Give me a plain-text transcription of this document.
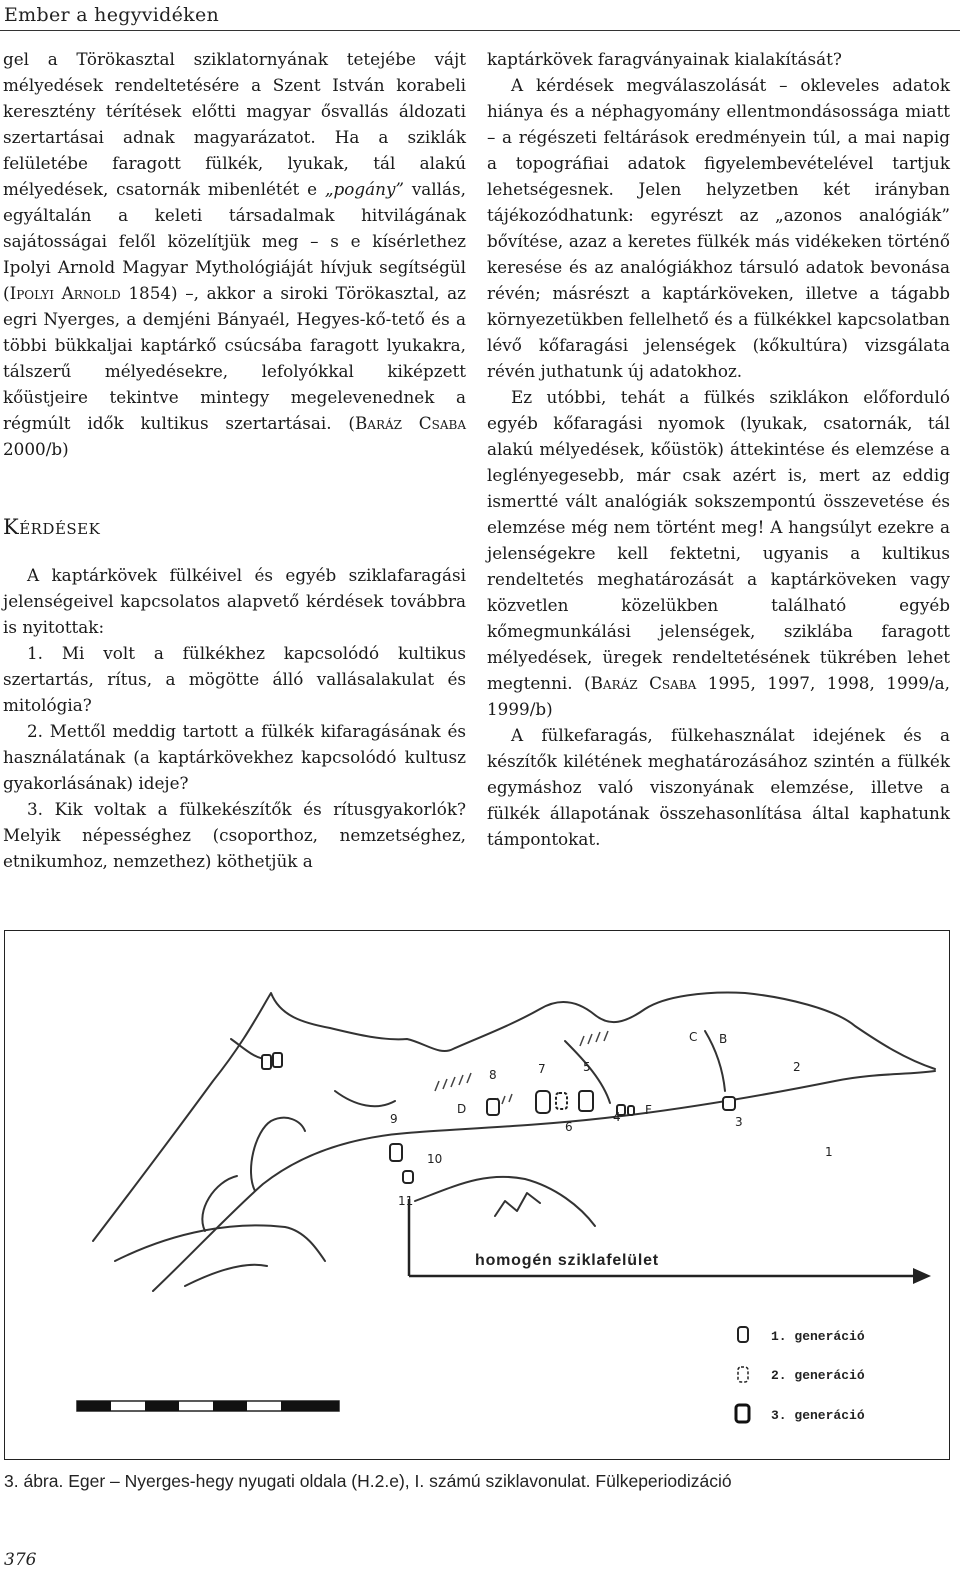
Ember a hegyvidéken

gel a Törökasztal sziklatornyának tetejébe vájt mélyedések rendeltetésére a Szent István korabeli keresztény térítések előtti magyar ősvallás áldozati szertartásai adnak magyarázatot. Ha a sziklák felületébe faragott fülkék, lyukak, tál alakú mélyedések, csatornák mibenlétét e „pogány” vallás, egyáltalán a keleti társadalmak hitvilágának sajátosságai felől közelítjük meg – s e kísérlethez Ipolyi Arnold Magyar Mythológiáját hívjuk segítségül (Ipolyi Arnold 1854) –, akkor a siroki Törökasztal, az egri Nyerges, a demjéni Bányaél, Hegyes-kő-tető és a többi bükkaljai kaptárkő csúcsába faragott lyukakra, tálszerű mélyedésekre, lefolyókkal kiképzett kőüstjeire tekintve mintegy megelevenednek a régmúlt idők kultikus szertartásai. (Baráz Csaba 2000/b)

Kérdések

A kaptárkövek fülkéivel és egyéb sziklafaragási jelenségeivel kapcsolatos alapvető kérdések továbbra is nyitottak:

1. Mi volt a fülkékhez kapcsolódó kultikus szertartás, rítus, a mögötte álló vallásalakulat és mitológia?

2. Mettől meddig tartott a fülkék kifaragásának és használatának (a kaptárkövekhez kapcsolódó kultusz gyakorlásának) ideje?

3. Kik voltak a fülkekészítők és rítusgyakorlók? Melyik népességhez (csoporthoz, nemzetséghez, etnikumhoz, nemzethez) köthetjük a

kaptárkövek faragványainak kialakítását?

A kérdések megválaszolását – okleveles adatok hiánya és a néphagyomány ellentmondásossága miatt – a régészeti feltárások eredményein túl, a mai napig a topográfiai adatok figyelembevételével tartjuk lehetségesnek. Jelen helyzetben két irányban tájékozódhatunk: egyrészt az „azonos analógiák” bővítése, azaz a keretes fülkék más vidékeken történő keresése és az analógiákhoz társuló adatok bevonása révén; másrészt a kaptárköveken, illetve a tágabb környezetükben fellelhető és a fülkékkel kapcsolatban lévő kőfaragási jelenségek (kőkultúra) vizsgálata révén juthatunk új adatokhoz.

Ez utóbbi, tehát a fülkés sziklákon előforduló egyéb kőfaragási nyomok (lyukak, csatornák, tál alakú mélyedések, kőüstök) áttekintése és elemzése a leglényegesebb, már csak azért is, mert az eddig ismertté vált analógiák sokszempontú összevetése és elemzése még nem történt meg! A hangsúlyt ezekre a jelenségekre kell fektetni, ugyanis a kultikus rendeltetés meghatározását a kaptárköveken vagy közvetlen közelükben található egyéb kőmegmunkálási jelenségek, sziklába faragott mélyedések, üregek rendeltetésének tükrében lehet megtenni. (Baráz Csaba 1995, 1997, 1998, 1999/a, 1999/b)

A fülkefaragás, fülkehasználat idejének és a készítők kilétének meghatározásához szintén a fülkék egymáshoz való viszonyának elemzése, illetve a fülkék állapotának összehasonlítása által kaphatunk támpontokat.

1
2
3
4
5
6
7
8
9
10
11
B
C
D	F
homogén sziklafelület
1. generáció
2. generáció
3. generáció
3. ábra. Eger – Nyerges-hegy nyugati oldala (H.2.e), I. számú sziklavonulat. Fülkeperiodizáció
376
